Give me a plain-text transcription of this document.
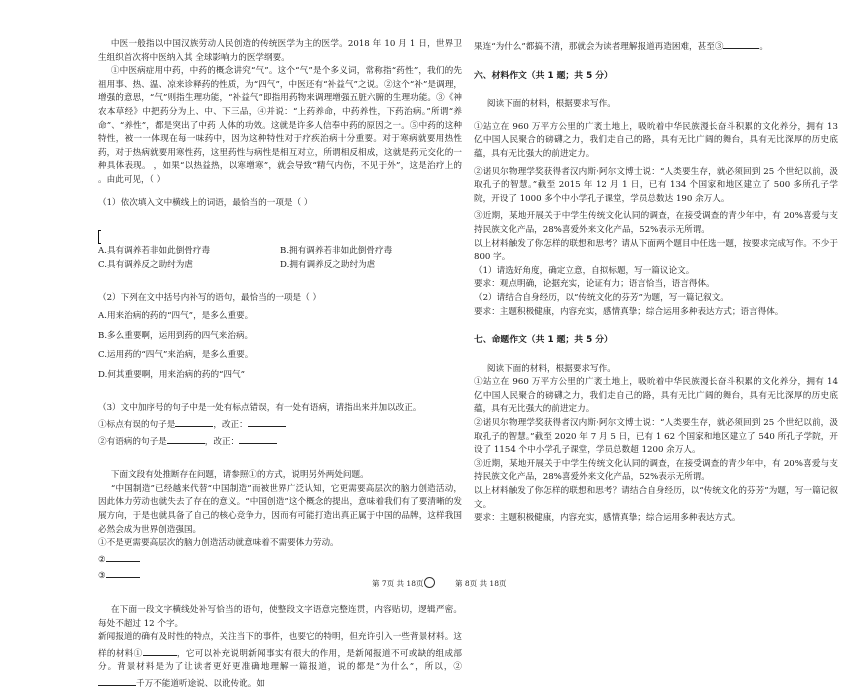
中医一般指以中国汉族劳动人民创造的传统医学为主的医学。2018 年 10 月 1 日，世界卫生组织首次将中医纳入其 全球影响力的医学纲要。

①中医病症用中药，中药的概念讲究“气”。这个“气”是个多义词，常称指“药性”，我们的先祖用事、热、温、凉来诊释药的性质，为“四气”，中医还有“补益气”之说。②这个“补”是调理，增强的意思，“气”则指生理功能，“补益气”即指用药物来调理增强五脏六腑的生理功能。③《神农本草经》中把药分为上、中、下三品，④并说：“上药养命，中药养性，下药治病。”所谓“养命”、“养性”，都是突出了中药 人体的功效。这就是许多人信奉中药的原因之一。⑤中药的这种特性，被一一体现在每一味药中，因为这种特性对于疗疾治病十分重要。对于寒病就要用热性药，对于热病就要用寒性药，这里药性与病性是相互对立，所谓相反相成，这就是药元交化的一种具体表现。 ，如果“以热益热，以寒增寒”，就会导致“精气内伤，不见于外”，这是治疗上的 。由此可见，（ ）

（1）依次填入文中横线上的词语，最恰当的一项是（ ）

A.具有调养若非如此倒骨疗毒	B.拥有调养若非如此倒骨疗毒
C.具有调养反之助纣为虐	D.拥有调养反之助纣为虐

（2）下列在文中括号内补写的语句，最恰当的一项是（ ）

A.用来治病的药的“四气”，是多么重要。

B.多么重要啊，运用到药的四气来治病。

C.运用药的“四气”来治病，是多么重要。

D.何其重要啊，用来治病的药的“四气”

（3）文中加序号的句子中是一处有标点错误，有一处有语病，请指出来并加以改正。

①标点有误的句子是	，改正：

②有语病的句子是	，改正：

下面文段有处推断存在问题，请参照①的方式，说明另外两处问题。

“中国制造”已经越来代替“中国制造”而被世界广泛认知，它更需要高层次的脑力创造活动，因此体力劳动也就失去了存在的意义。“中国创造”这个概念的提出，意味着我们有了要清晰的发展方向，于是也就具备了自己的核心竞争力，因而有可能打造出真正属于中国的品牌，这样我国必然会成为世界创造强国。

①不是更需要高层次的脑力创造活动就意味着不需要体力劳动。

②

③

在下面一段文字横线处补写恰当的语句，使整段文字语意完整连贯，内容贴切，逻辑严密。每处不超过 12 个字。

新闻报道的确有及时性的特点，关注当下的事件，也要它的特明，但充许引入一些背景材料。这样的材料①	，它可以补充说明新闻事实有很大的作用，是新闻报道不可或缺的组成部分。背景材料是为了让读者更好更准确地理解一篇报道，说的都是“为什么”，所以，②千万不能道听途说、以讹传讹。如

果连“为什么”都搞不清，那就会为读者理解报道再造困难，甚至③	。

六、材料作文（共 1 题；共 5 分）

阅读下面的材料，根据要求写作。

①站立在 960 万平方公里的广袤土地上，吸吮着中华民族漫长奋斗积累的文化养分，拥有 13 亿中国人民聚合的磅礴之力，我们走自己的路，具有无比广阔的舞台，具有无比深厚的历史底蕴，具有无比强大的前进定力。

②诺贝尔物理学奖获得者汉内斯·阿尔文博士说：“人类要生存，就必须回到 25 个世纪以前，汲取孔子的智慧。”截至 2015 年 12 月 1 日，已有 134 个国家和地区建立了 500 多所孔子学院，开设了 1000 多个中小学孔子课堂，学员总数达 190 余万人。

③近期，某地开展关于中学生传统文化认同的调查，在接受调查的青少年中，有 20%喜爱与支持民族文化产品，28%喜爱外来文化产品，52%表示无所谓。

以上材料触发了你怎样的联想和思考？请从下面两个题目中任选一题，按要求完成写作。不少于 800 字。

（1）请选好角度，确定立意，自拟标题，写一篇议论文。

要求：观点明确，论据充实，论证有力；语言恰当，语言得体。

（2）请结合自身经历，以“传统文化的芬芳”为题，写一篇记叙文。

要求：主题积极健康，内容充实，感情真挚；综合运用多种表达方式；语言得体。

七、命题作文（共 1 题；共 5 分）

阅读下面的材料，根据要求写作。

①站立在 960 万平方公里的广袤土地上，吸吮着中华民族漫长奋斗积累的文化养分，拥有 14 亿中国人民聚合的磅礴之力，我们走自己的路，具有无比广阔的舞台，具有无比深厚的历史底蕴，具有无比强大的前进定力。

②诺贝尔物理学奖获得者汉内斯·阿尔文博士说：“人类要生存，就必须回到 25 个世纪以前，汲取孔子的智慧。”截至 2020 年 7 月 5 日，已有 1 62 个国家和地区建立了 540 所孔子学院，开设了 1154 个中小学孔子课堂，学员总数超 1200 余万人。

③近期，某地开展关于中学生传统文化认同的调查，在接受调查的青少年中，有 20%喜爱与支持民族文化产品，28%喜爱外来文化产品，52%表示无所谓。

以上材料触发了你怎样的联想和思考？请结合自身经历，以“传统文化的芬芳”为题，写一篇记叙文。

要求：主题积极健康，内容充实，感情真挚；综合运用多种表达方式。

第 7页 共 18页	第 8页 共 18页
